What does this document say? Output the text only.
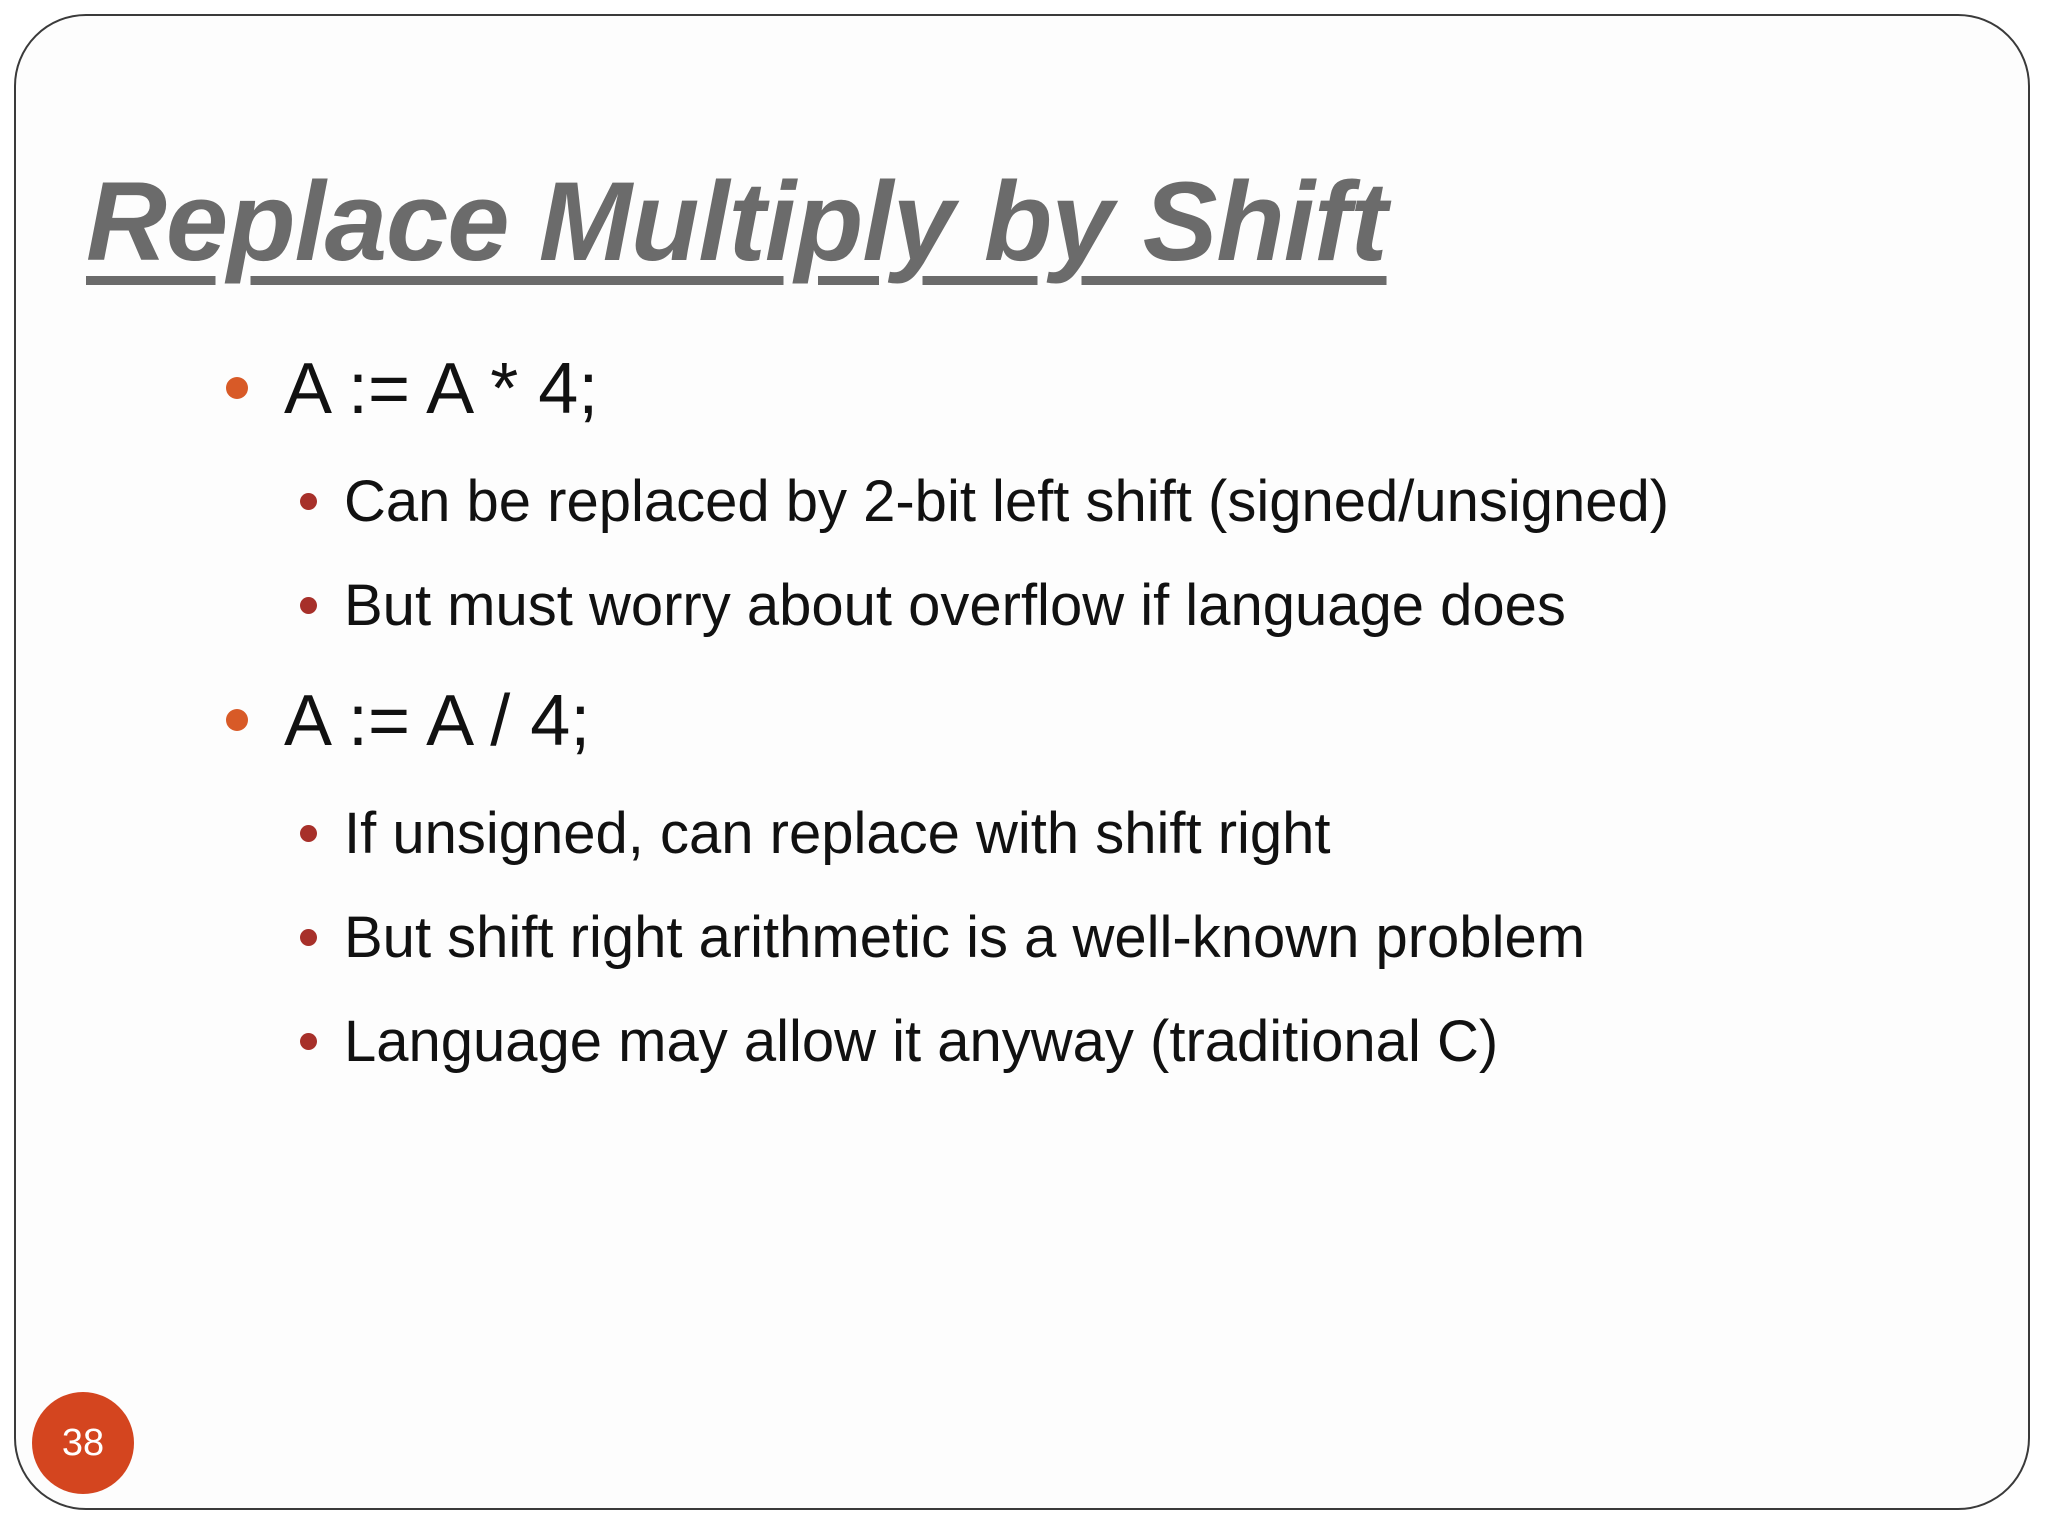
Replace Multiply by Shift
A := A * 4;
Can be replaced by 2-bit left shift (signed/unsigned)
But must worry about overflow if language does
A := A / 4;
If unsigned, can replace with shift right
But shift right arithmetic is a well-known problem
Language may allow it anyway (traditional C)
38
